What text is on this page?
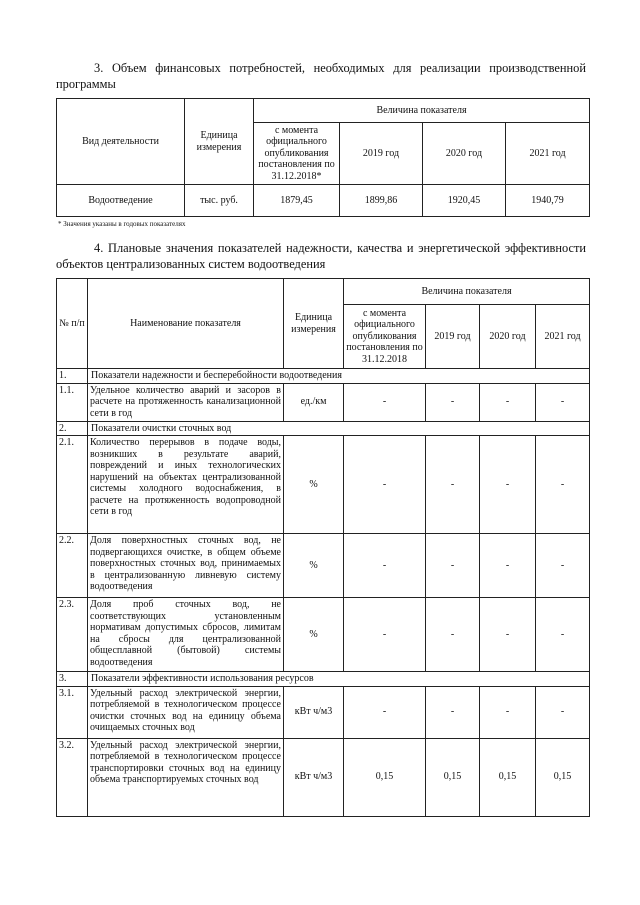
3. Объем финансовых потребностей, необходимых для реализации производственной программы
Вид деятельности	Единица измерения	Величина показателя			
		с момента официального опубликования постановления по 31.12.2018*	2019 год	2020 год	2021 год
Водоотведение	тыс. руб.	1879,45	1899,86	1920,45	1940,79
* Значения указаны в годовых показателях
4. Плановые значения показателей надежности, качества и энергетической эффективности объектов централизованных систем водоотведения
№ п/п	Наименование показателя	Единица измерения	Величина показателя			
			с момента официального опубликования постановления по 31.12.2018	2019 год	2020 год	2021 год
1.	Показатели надежности и бесперебойности водоотведения					
1.1.	Удельное количество аварий и засоров в расчете на протяженность канализационной сети в год	ед./км	-	-	-	-
2.	Показатели очистки сточных вод					
2.1.	Количество перерывов в подаче воды, возникших в результате аварий, повреждений и иных технологических нарушений на объектах централизованной системы холодного водоснабжения, в расчете на протяженность водопроводной сети в год	%	-	-	-	-
2.2.	Доля поверхностных сточных вод, не подвергающихся очистке, в общем объеме поверхностных сточных вод, принимаемых в централизованную ливневую систему водоотведения	%	-	-	-	-
2.3.	Доля проб сточных вод, не соответствующих установленным нормативам допустимых сбросов, лимитам на сбросы для централизованной общесплавной (бытовой) системы водоотведения	%	-	-	-	-
3.	Показатели эффективности использования ресурсов					
3.1.	Удельный расход электрической энергии, потребляемой в технологическом процессе очистки сточных вод на единицу объема очищаемых сточных вод	кВт ч/м3	-	-	-	-
3.2.	Удельный расход электрической энергии, потребляемой в технологическом процессе транспортировки сточных вод на единицу объема транспортируемых сточных вод	кВт ч/м3	0,15	0,15	0,15	0,15
